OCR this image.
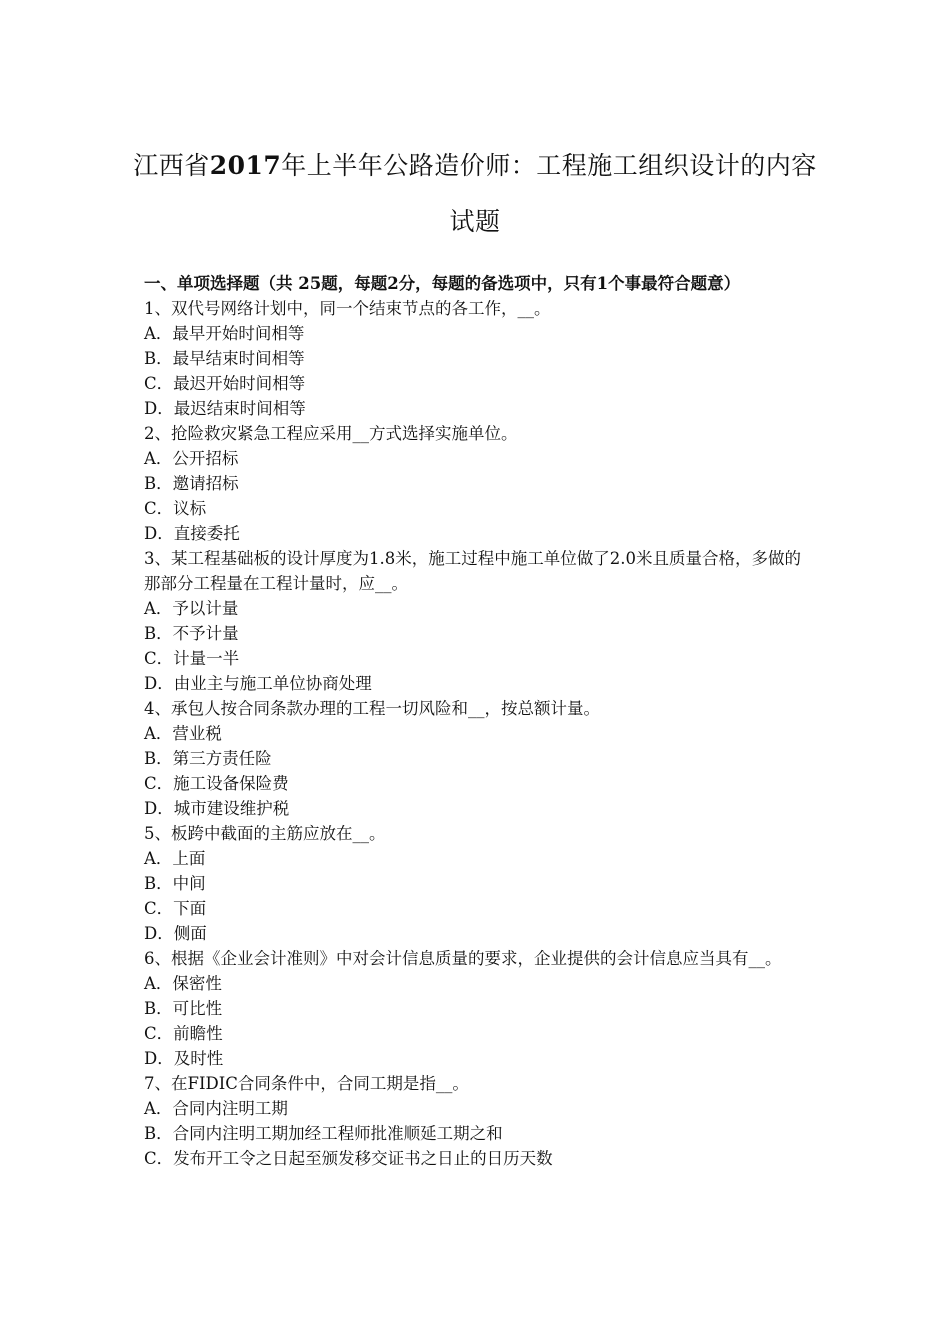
江西省2017年上半年公路造价师：工程施工组织设计的内容试题

一、单项选择题（共 25题，每题2分，每题的备选项中，只有1个事最符合题意）

1、双代号网络计划中，同一个结束节点的各工作，__。

A．最早开始时间相等

B．最早结束时间相等

C．最迟开始时间相等

D．最迟结束时间相等

2、抢险救灾紧急工程应采用__方式选择实施单位。

A．公开招标

B．邀请招标

C．议标

D．直接委托

3、某工程基础板的设计厚度为1.8米，施工过程中施工单位做了2.0米且质量合格，多做的那部分工程量在工程计量时，应__。

A．予以计量

B．不予计量

C．计量一半

D．由业主与施工单位协商处理

4、承包人按合同条款办理的工程一切风险和__，按总额计量。

A．营业税

B．第三方责任险

C．施工设备保险费

D．城市建设维护税

5、板跨中截面的主筋应放在__。

A．上面

B．中间

C．下面

D．侧面

6、根据《企业会计准则》中对会计信息质量的要求，企业提供的会计信息应当具有__。

A．保密性

B．可比性

C．前瞻性

D．及时性

7、在FIDIC合同条件中，合同工期是指__。

A．合同内注明工期

B．合同内注明工期加经工程师批准顺延工期之和

C．发布开工令之日起至颁发移交证书之日止的日历天数
